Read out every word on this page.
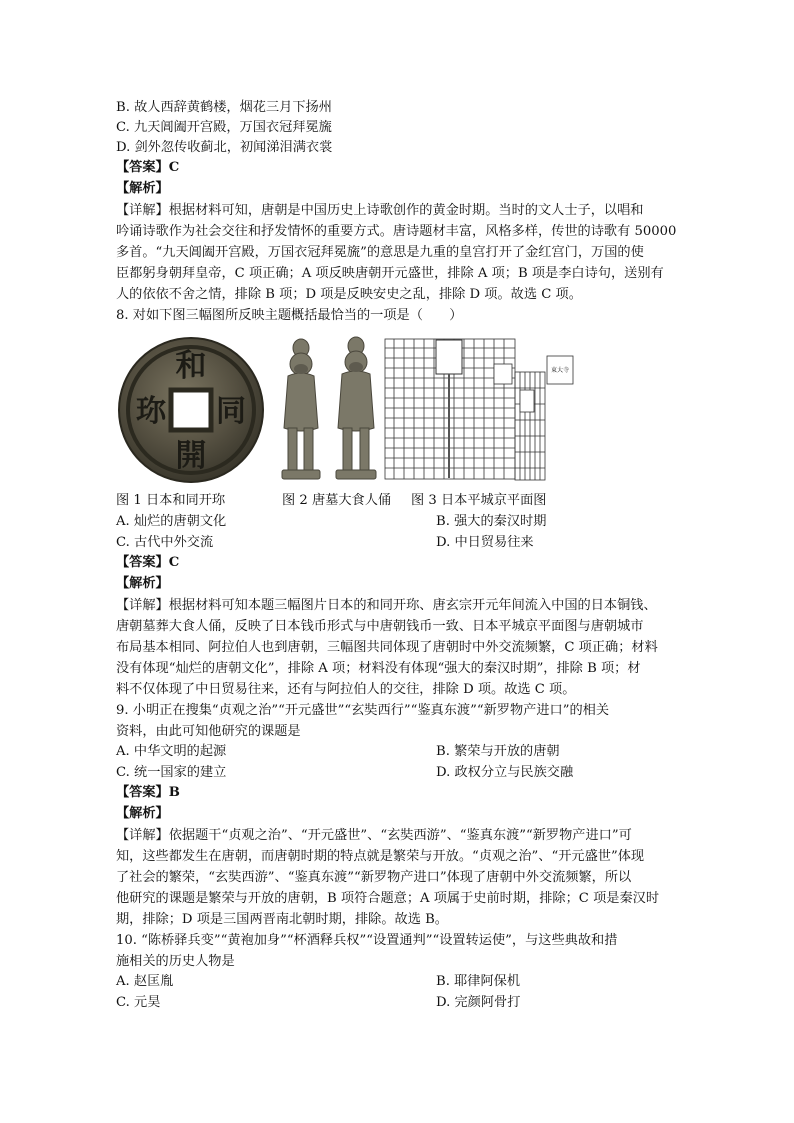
B. 故人西辞黄鹤楼，烟花三月下扬州
C. 九天阊阖开宫殿，万国衣冠拜冕旒
D. 剑外忽传收蓟北，初闻涕泪满衣裳
【答案】C
【解析】
【详解】根据材料可知，唐朝是中国历史上诗歌创作的黄金时期。当时的文人士子，以唱和
吟诵诗歌作为社会交往和抒发情怀的重要方式。唐诗题材丰富，风格多样，传世的诗歌有 50000
多首。“九天阊阖开宫殿，万国衣冠拜冕旒”的意思是九重的皇宫打开了金红宫门，万国的使
臣都躬身朝拜皇帝，C 项正确；A 项反映唐朝开元盛世，排除 A 项；B 项是李白诗句，送别有
人的依依不舍之情，排除 B 项；D 项是反映安史之乱，排除 D 项。故选 C 项。
8. 对如下图三幅图所反映主题概括最恰当的一项是（　　）
和
同
開
珎
東大寺
图 1 日本和同开珎	图 2 唐墓大食人俑 图 3 日本平城京平面图
A. 灿烂的唐朝文化	B. 强大的秦汉时期
C. 古代中外交流	D. 中日贸易往来
【答案】C
【解析】
【详解】根据材料可知本题三幅图片日本的和同开珎、唐玄宗开元年间流入中国的日本铜钱、
唐朝墓葬大食人俑，反映了日本钱币形式与中唐朝钱币一致、日本平城京平面图与唐朝城市
布局基本相同、阿拉伯人也到唐朝，三幅图共同体现了唐朝时中外交流频繁，C 项正确；材料
没有体现“灿烂的唐朝文化”，排除 A 项；材料没有体现“强大的秦汉时期”，排除 B 项；材
料不仅体现了中日贸易往来，还有与阿拉伯人的交往，排除 D 项。故选 C 项。
9. 小明正在搜集“贞观之治”“开元盛世”“玄奘西行”“鉴真东渡”“新罗物产进口”的相关
资料，由此可知他研究的课题是
A. 中华文明的起源	B. 繁荣与开放的唐朝
C. 统一国家的建立	D. 政权分立与民族交融
【答案】B
【解析】
【详解】依据题干“贞观之治”、“开元盛世”、“玄奘西游”、“鉴真东渡”“新罗物产进口”可
知，这些都发生在唐朝，而唐朝时期的特点就是繁荣与开放。“贞观之治”、“开元盛世”体现
了社会的繁荣，“玄奘西游”、“鉴真东渡”“新罗物产进口”体现了唐朝中外交流频繁，所以
他研究的课题是繁荣与开放的唐朝，B 项符合题意；A 项属于史前时期，排除；C 项是秦汉时
期，排除；D 项是三国两晋南北朝时期，排除。故选 B。
10. “陈桥驿兵变”“黄袍加身”“杯酒释兵权”“设置通判”“设置转运使”，与这些典故和措
施相关的历史人物是
A. 赵匡胤	B. 耶律阿保机
C. 元昊	D. 完颜阿骨打
